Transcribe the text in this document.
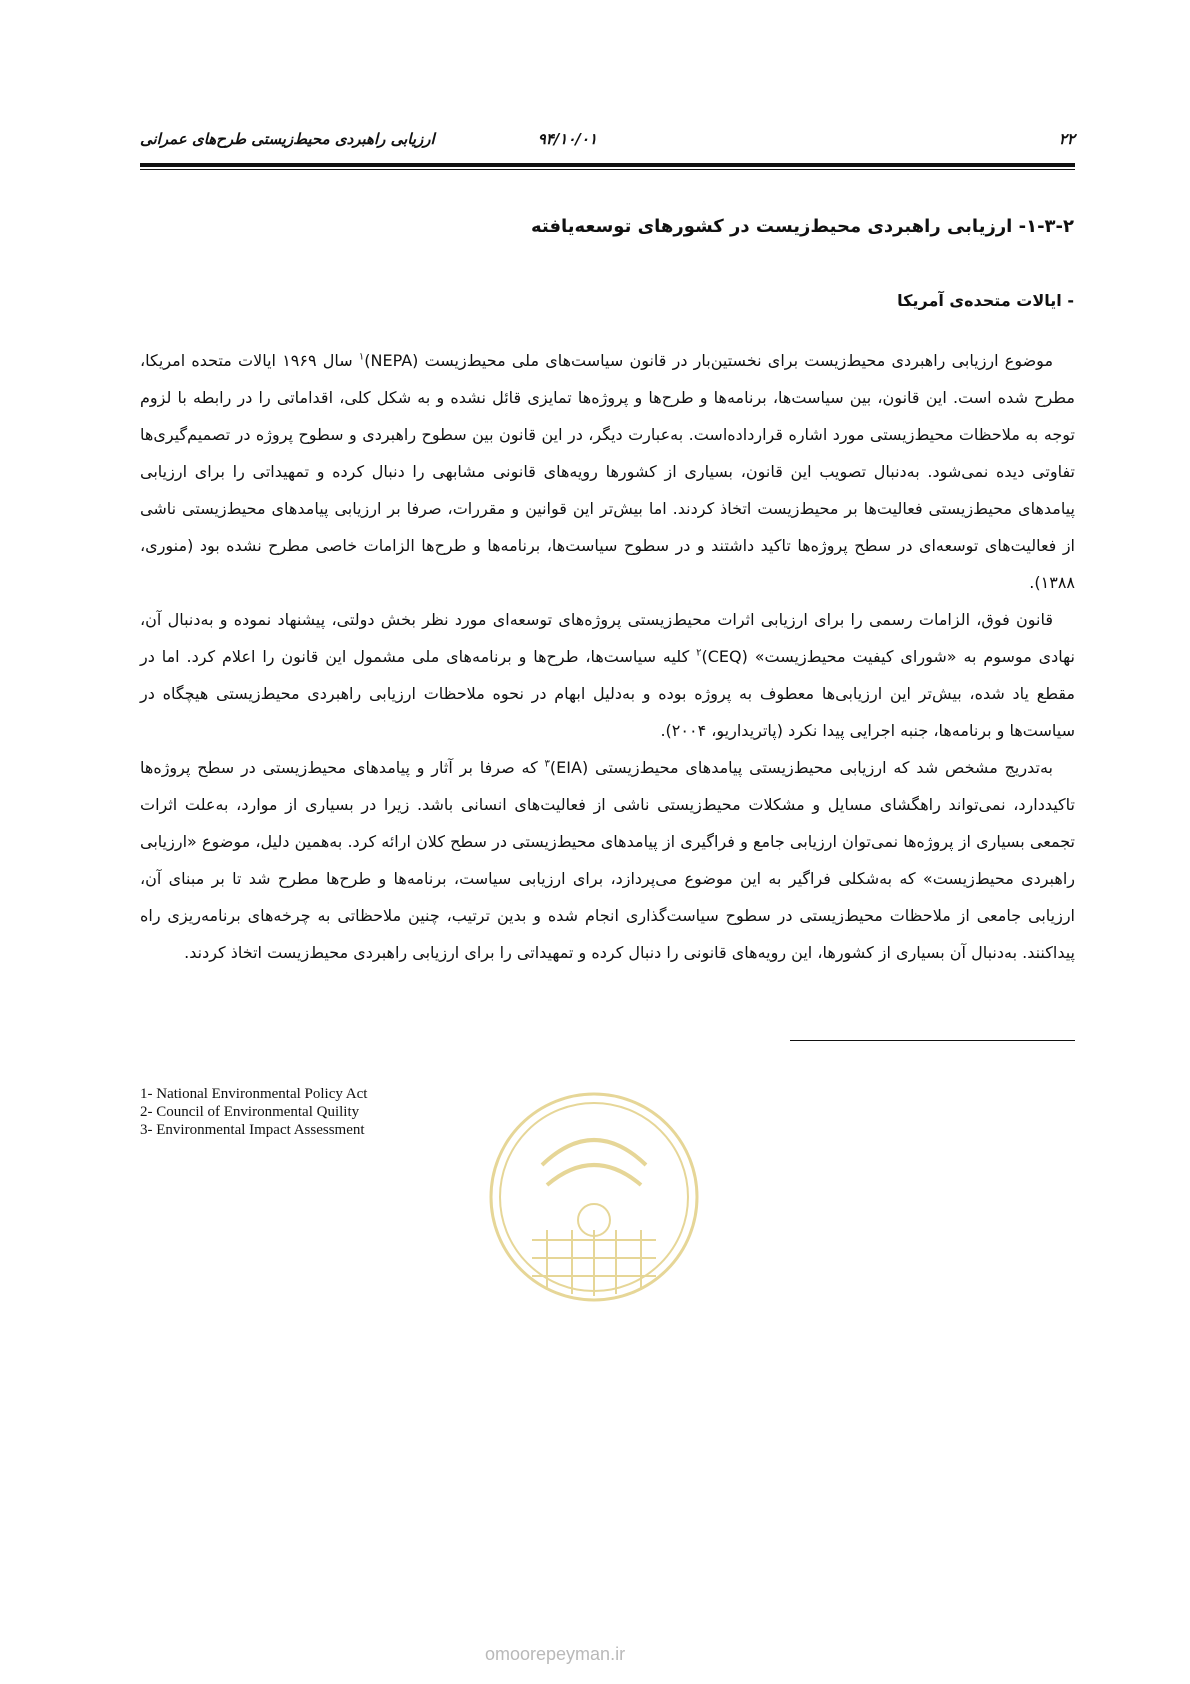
۲۲
۹۴/۱۰/۰۱
ارزیابی راهبردی محیط‌زیستی طرح‌های عمرانی
۱-۳-۲- ارزیابی راهبردی محیط‌زیست در کشورهای توسعه‌یافته
- ایالات متحده‌ی آمریکا

موضوع ارزیابی راهبردی محیط‌زیست برای نخستین‌بار در قانون سیاست‌های ملی محیط‌زیست (NEPA)$^۱$ سال ۱۹۶۹ ایالات متحده امریکا، مطرح شده است. این قانون، بین سیاست‌ها، برنامه‌ها و طرح‌ها و پروژه‌ها تمایزی قائل نشده و به شکل کلی، اقداماتی را در رابطه با لزوم توجه به ملاحظات محیط‌زیستی مورد اشاره قرارداده‌است. به‌عبارت دیگر، در این قانون بین سطوح راهبردی و سطوح پروژه در تصمیم‌گیری‌ها تفاوتی دیده نمی‌شود. به‌دنبال تصویب این قانون، بسیاری از کشورها رویه‌های قانونی مشابهی را دنبال کرده و تمهیداتی را برای ارزیابی پیامدهای محیط‌زیستی فعالیت‌ها بر محیط‌زیست اتخاذ کردند. اما بیش‌تر این قوانین و مقررات، صرفا بر ارزیابی پیامدهای محیط‌زیستی ناشی از فعالیت‌های توسعه‌ای در سطح پروژه‌ها تاکید داشتند و در سطوح سیاست‌ها، برنامه‌ها و طرح‌ها الزامات خاصی مطرح نشده بود (منوری، ۱۳۸۸).

قانون فوق، الزامات رسمی را برای ارزیابی اثرات محیط‌زیستی پروژه‌های توسعه‌ای مورد نظر بخش دولتی، پیشنهاد نموده و به‌دنبال آن، نهادی موسوم به «شورای کیفیت محیط‌زیست» (CEQ)$^۲$ کلیه سیاست‌ها، طرح‌ها و برنامه‌های ملی مشمول این قانون را اعلام کرد. اما در مقطع یاد شده، بیش‌تر این ارزیابی‌ها معطوف به پروژه بوده و به‌دلیل ابهام در نحوه ملاحظات ارزیابی راهبردی محیط‌زیستی هیچگاه در سیاست‌ها و برنامه‌ها، جنبه اجرایی پیدا نکرد (پاتریداریو، ۲۰۰۴).

به‌تدریج مشخص شد که ارزیابی محیط‌زیستی پیامدهای محیط‌زیستی (EIA)$^۳$ که صرفا بر آثار و پیامدهای محیط‌زیستی در سطح پروژه‌ها تاکیددارد، نمی‌تواند راهگشای مسایل و مشکلات محیط‌زیستی ناشی از فعالیت‌های انسانی باشد. زیرا در بسیاری از موارد، به‌علت اثرات تجمعی بسیاری از پروژه‌ها نمی‌توان ارزیابی جامع و فراگیری از پیامدهای محیط‌زیستی در سطح کلان ارائه کرد. به‌همین دلیل، موضوع «ارزیابی راهبردی محیط‌زیست» که به‌شکلی فراگیر به این موضوع می‌پردازد، برای ارزیابی سیاست، برنامه‌ها و طرح‌ها مطرح شد تا بر مبنای آن، ارزیابی جامعی از ملاحظات محیط‌زیستی در سطوح سیاست‌گذاری انجام شده و بدین ترتیب، چنین ملاحظاتی به چرخه‌های برنامه‌ریزی راه پیداکنند. به‌دنبال آن بسیاری از کشورها، این رویه‌های قانونی را دنبال کرده و تمهیداتی را برای ارزیابی راهبردی محیط‌زیست اتخاذ کردند.

1- National Environmental Policy Act
2- Council of Environmental Quility
3- Environmental Impact Assessment
omoorepeyman.ir
